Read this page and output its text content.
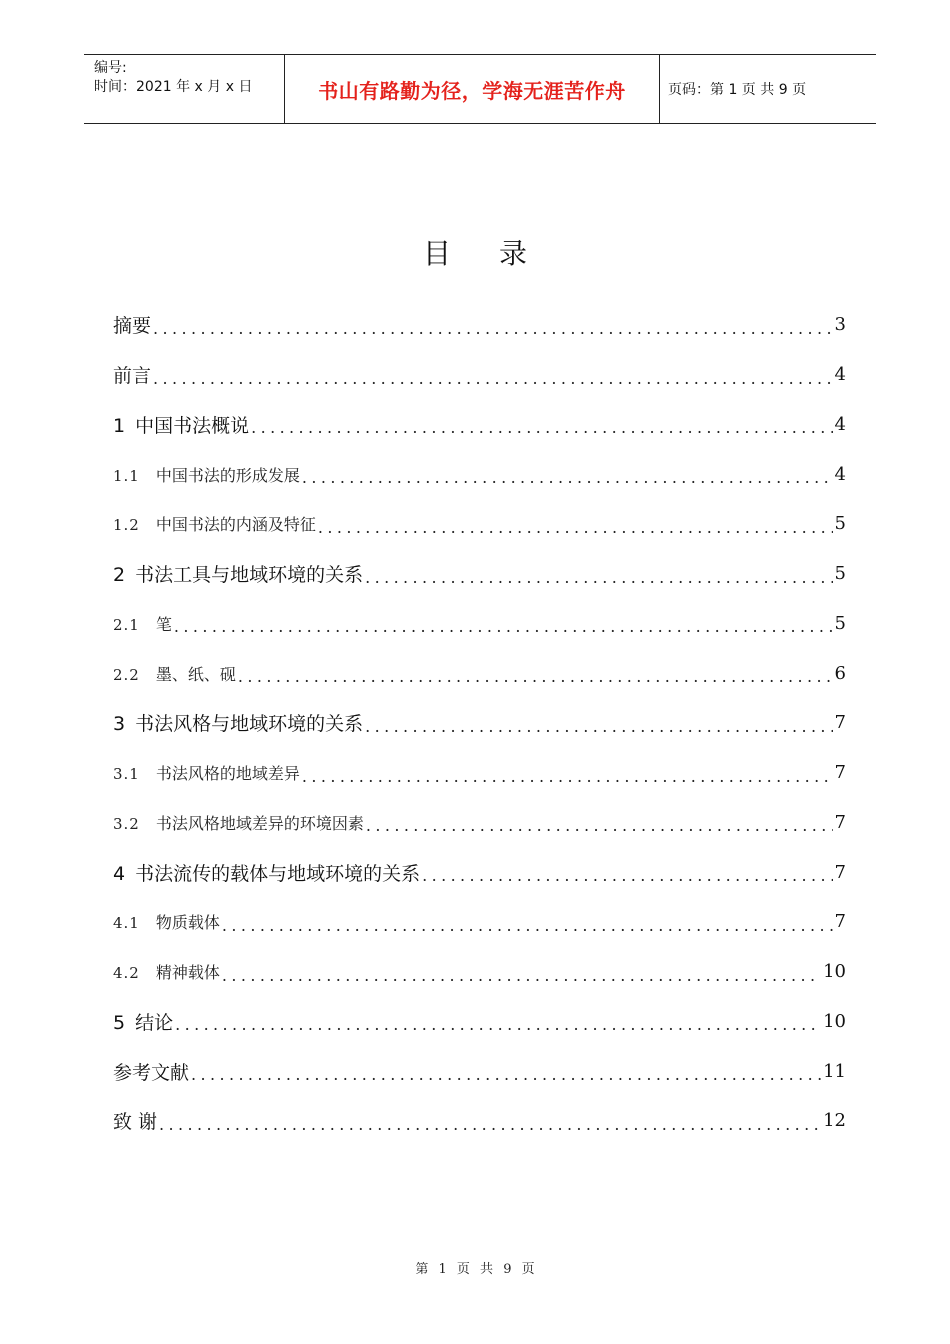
编号:
时间：2021 年 x 月 x 日	书山有路勤为径，学海无涯苦作舟	页码：第 1 页 共 9 页
目录
摘要 .....	3
前言 .....	4
1 中国书法概说 .....	4
1.1 中国书法的形成发展 .....	4
1.2 中国书法的内涵及特征 .....	5
2 书法工具与地域环境的关系 .....	5
2.1 笔 .....	5
2.2 墨、纸、砚 .....	6
3 书法风格与地域环境的关系 .....	7
3.1 书法风格的地域差异 .....	7
3.2 书法风格地域差异的环境因素 .....	7
4 书法流传的载体与地域环境的关系 .....	7
4.1 物质载体 .....	7
4.2 精神载体 .....	10
5 结论 .....	10
参考文献 .....	11
致 谢 .....	12
第 1 页 共 9 页
